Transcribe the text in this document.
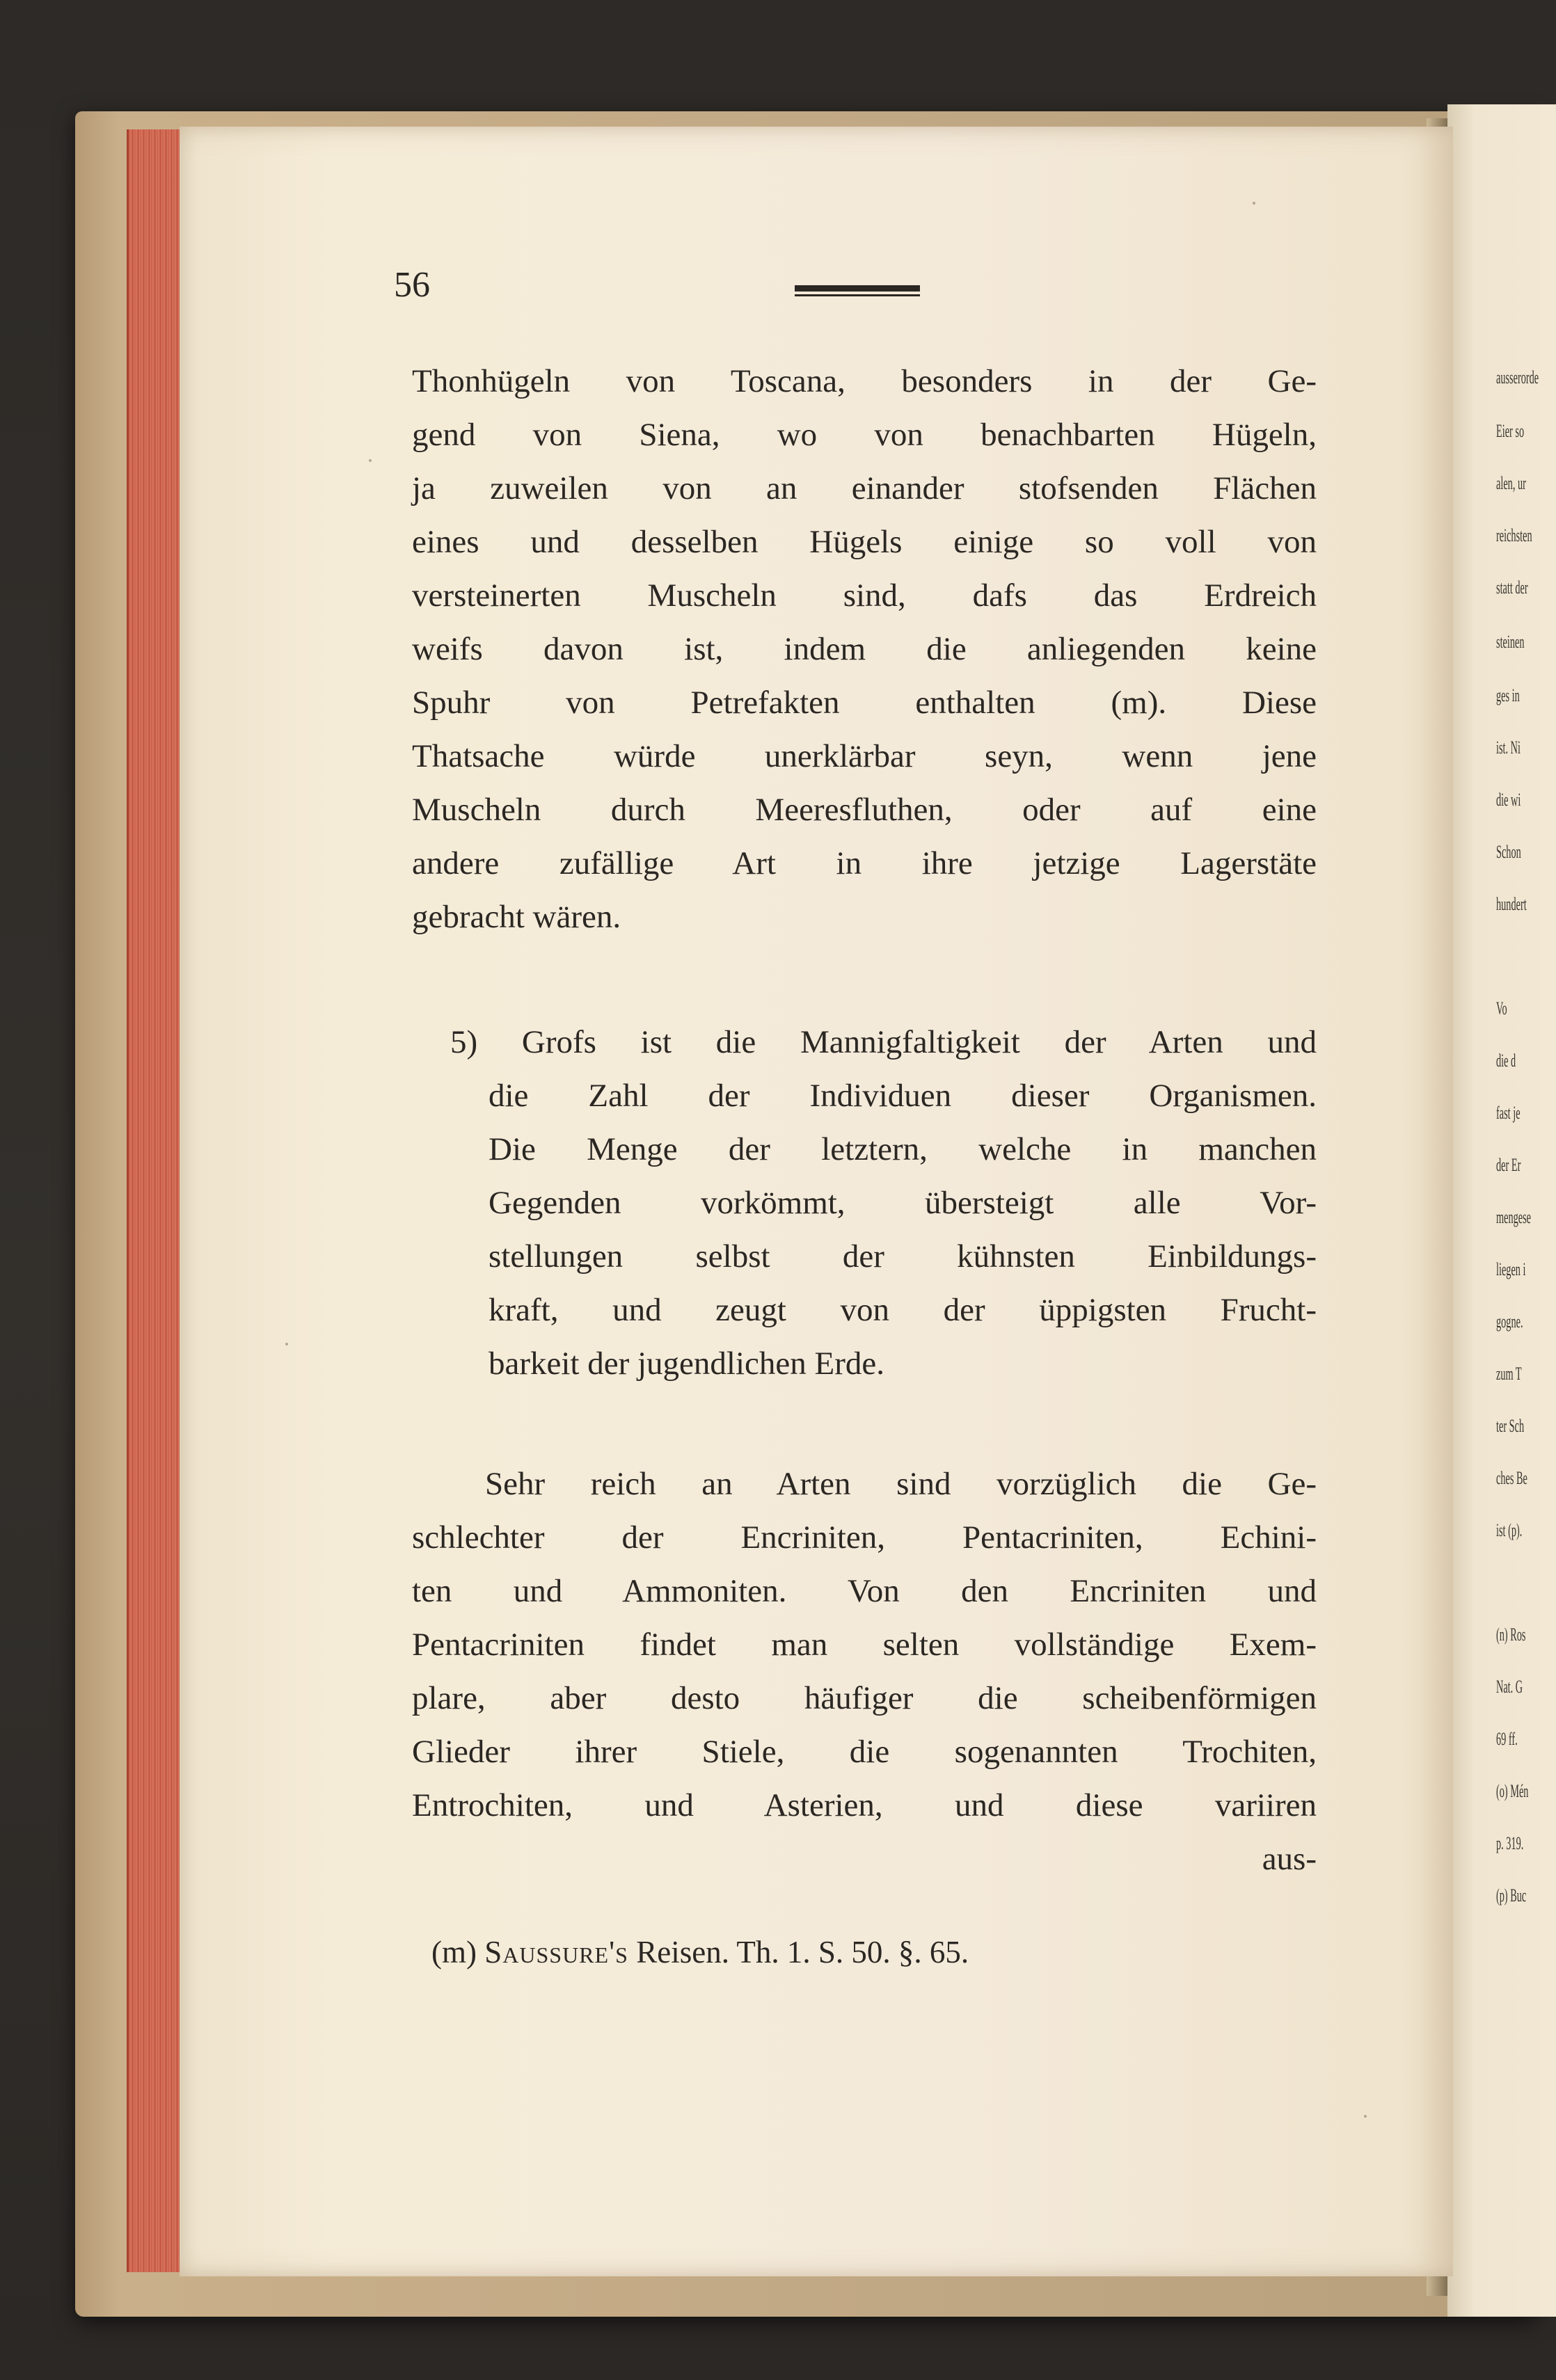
ausserorde
Eier so
alen, ur
reichsten
statt der
steinen
ges in
ist. Ni
die wi
Schon
hundert
Vo
die d
fast je
der Er
mengese
liegen i
gogne.
zum T
ter Sch
ches Be
ist (p).
(n) Ros
Nat. G
69 ff.
(o) Mén
p. 319.
(p) Buc
56
Thonhügeln von Toscana, besonders in der Ge-
gend von Siena, wo von benachbarten Hügeln,
ja zuweilen von an einander stofsenden Flächen
eines und desselben Hügels einige so voll von
versteinerten Muscheln sind, dafs das Erdreich
weifs davon ist, indem die anliegenden keine
Spuhr von Petrefakten enthalten (m). Diese
Thatsache würde unerklärbar seyn, wenn jene
Muscheln durch Meeresfluthen, oder auf eine
andere zufällige Art in ihre jetzige Lagerstäte
gebracht wären.
5) Grofs ist die Mannigfaltigkeit der Arten und
die Zahl der Individuen dieser Organismen.
Die Menge der letztern, welche in manchen
Gegenden vorkömmt, übersteigt alle Vor-
stellungen selbst der kühnsten Einbildungs-
kraft, und zeugt von der üppigsten Frucht-
barkeit der jugendlichen Erde.
Sehr reich an Arten sind vorzüglich die Ge-
schlechter der Encriniten, Pentacriniten, Echini-
ten und Ammoniten. Von den Encriniten und
Pentacriniten findet man selten vollständige Exem-
plare, aber desto häufiger die scheibenförmigen
Glieder ihrer Stiele, die sogenannten Trochiten,
Entrochiten, und Asterien, und diese variiren
aus-
(m) Saussure's Reisen. Th. 1. S. 50. §. 65.
